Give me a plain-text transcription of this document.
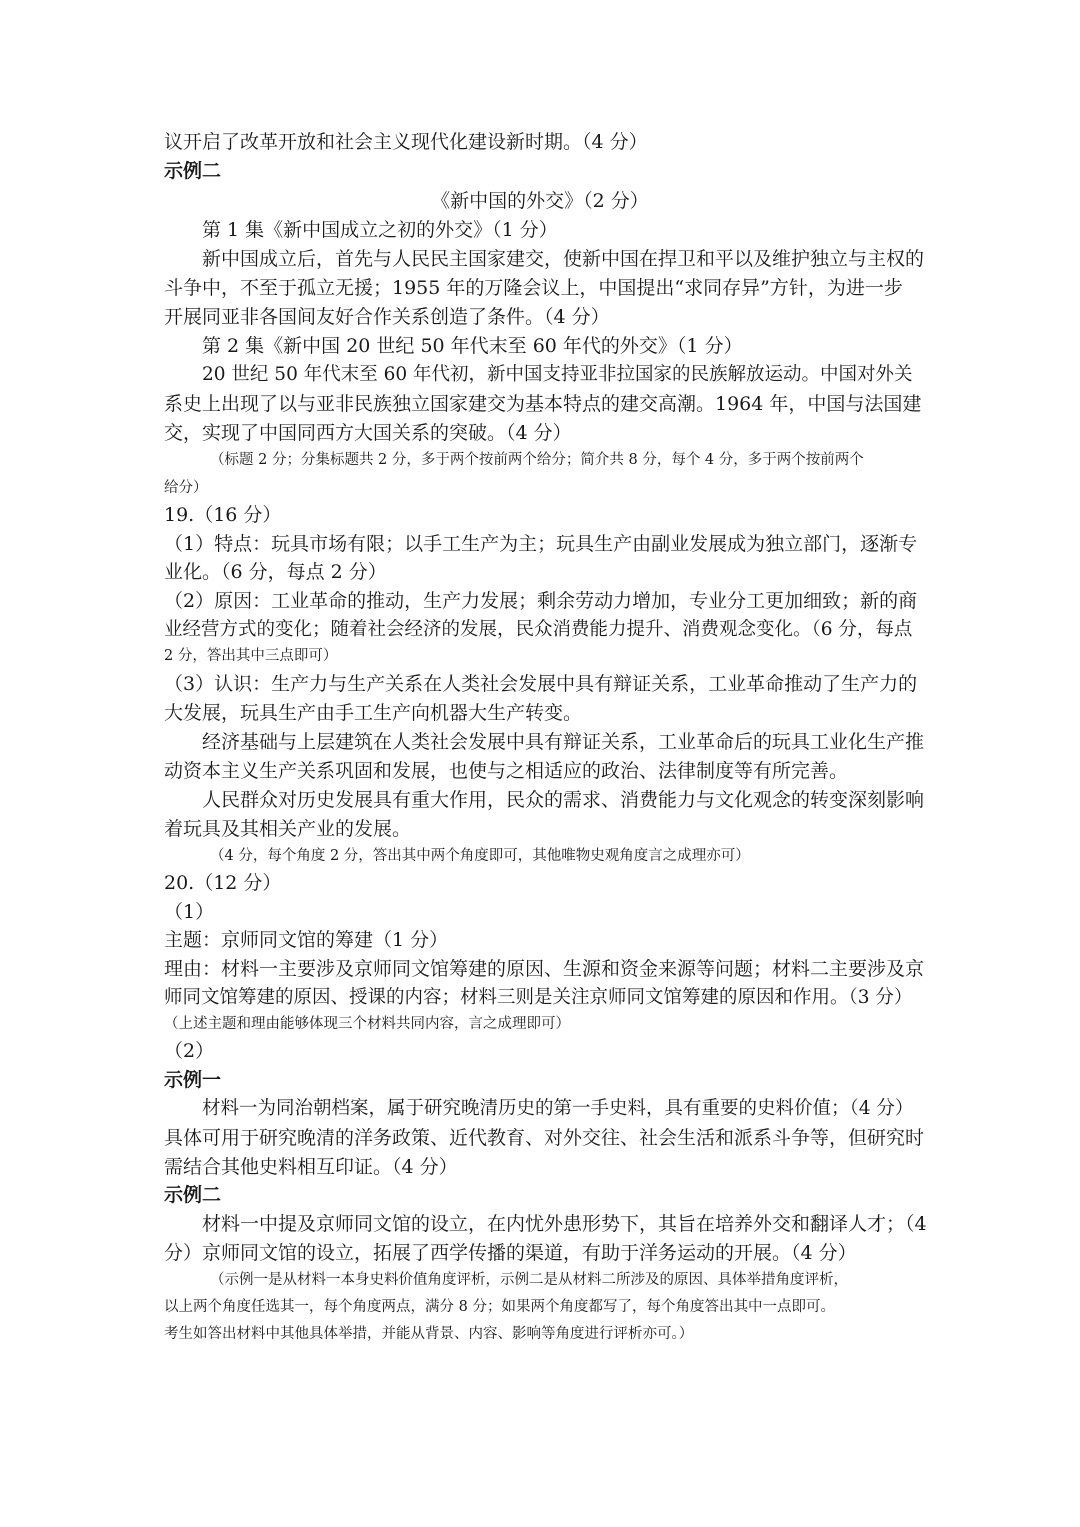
议开启了改革开放和社会主义现代化建设新时期。（4 分）
示例二
《新中国的外交》（2 分）
第 1 集《新中国成立之初的外交》（1 分）
新中国成立后，首先与人民民主国家建交，使新中国在捍卫和平以及维护独立与主权的
斗争中，不至于孤立无援；1955 年的万隆会议上，中国提出“求同存异”方针，为进一步
开展同亚非各国间友好合作关系创造了条件。（4 分）
第 2 集《新中国 20 世纪 50 年代末至 60 年代的外交》（1 分）
20 世纪 50 年代末至 60 年代初，新中国支持亚非拉国家的民族解放运动。中国对外关
系史上出现了以与亚非民族独立国家建交为基本特点的建交高潮。1964 年，中国与法国建
交，实现了中国同西方大国关系的突破。（4 分）
（标题 2 分；分集标题共 2 分，多于两个按前两个给分；简介共 8 分，每个 4 分，多于两个按前两个
给分）
19.（16 分）
（1）特点：玩具市场有限；以手工生产为主；玩具生产由副业发展成为独立部门，逐渐专
业化。（6 分，每点 2 分）
（2）原因：工业革命的推动，生产力发展；剩余劳动力增加，专业分工更加细致；新的商
业经营方式的变化；随着社会经济的发展，民众消费能力提升、消费观念变化。（6 分，每点
2 分，答出其中三点即可）
（3）认识：生产力与生产关系在人类社会发展中具有辩证关系，工业革命推动了生产力的
大发展，玩具生产由手工生产向机器大生产转变。
经济基础与上层建筑在人类社会发展中具有辩证关系，工业革命后的玩具工业化生产推
动资本主义生产关系巩固和发展，也使与之相适应的政治、法律制度等有所完善。
人民群众对历史发展具有重大作用，民众的需求、消费能力与文化观念的转变深刻影响
着玩具及其相关产业的发展。
（4 分，每个角度 2 分，答出其中两个角度即可，其他唯物史观角度言之成理亦可）
20.（12 分）
（1）
主题：京师同文馆的筹建（1 分）
理由：材料一主要涉及京师同文馆筹建的原因、生源和资金来源等问题；材料二主要涉及京
师同文馆筹建的原因、授课的内容；材料三则是关注京师同文馆筹建的原因和作用。（3 分）
（上述主题和理由能够体现三个材料共同内容，言之成理即可）
（2）
示例一
材料一为同治朝档案，属于研究晚清历史的第一手史料，具有重要的史料价值；（4 分）
具体可用于研究晚清的洋务政策、近代教育、对外交往、社会生活和派系斗争等，但研究时
需结合其他史料相互印证。（4 分）
示例二
材料一中提及京师同文馆的设立，在内忧外患形势下，其旨在培养外交和翻译人才；（4
分）京师同文馆的设立，拓展了西学传播的渠道，有助于洋务运动的开展。（4 分）
（示例一是从材料一本身史料价值角度评析，示例二是从材料二所涉及的原因、具体举措角度评析，
以上两个角度任选其一，每个角度两点，满分 8 分；如果两个角度都写了，每个角度答出其中一点即可。
考生如答出材料中其他具体举措，并能从背景、内容、影响等角度进行评析亦可。）
